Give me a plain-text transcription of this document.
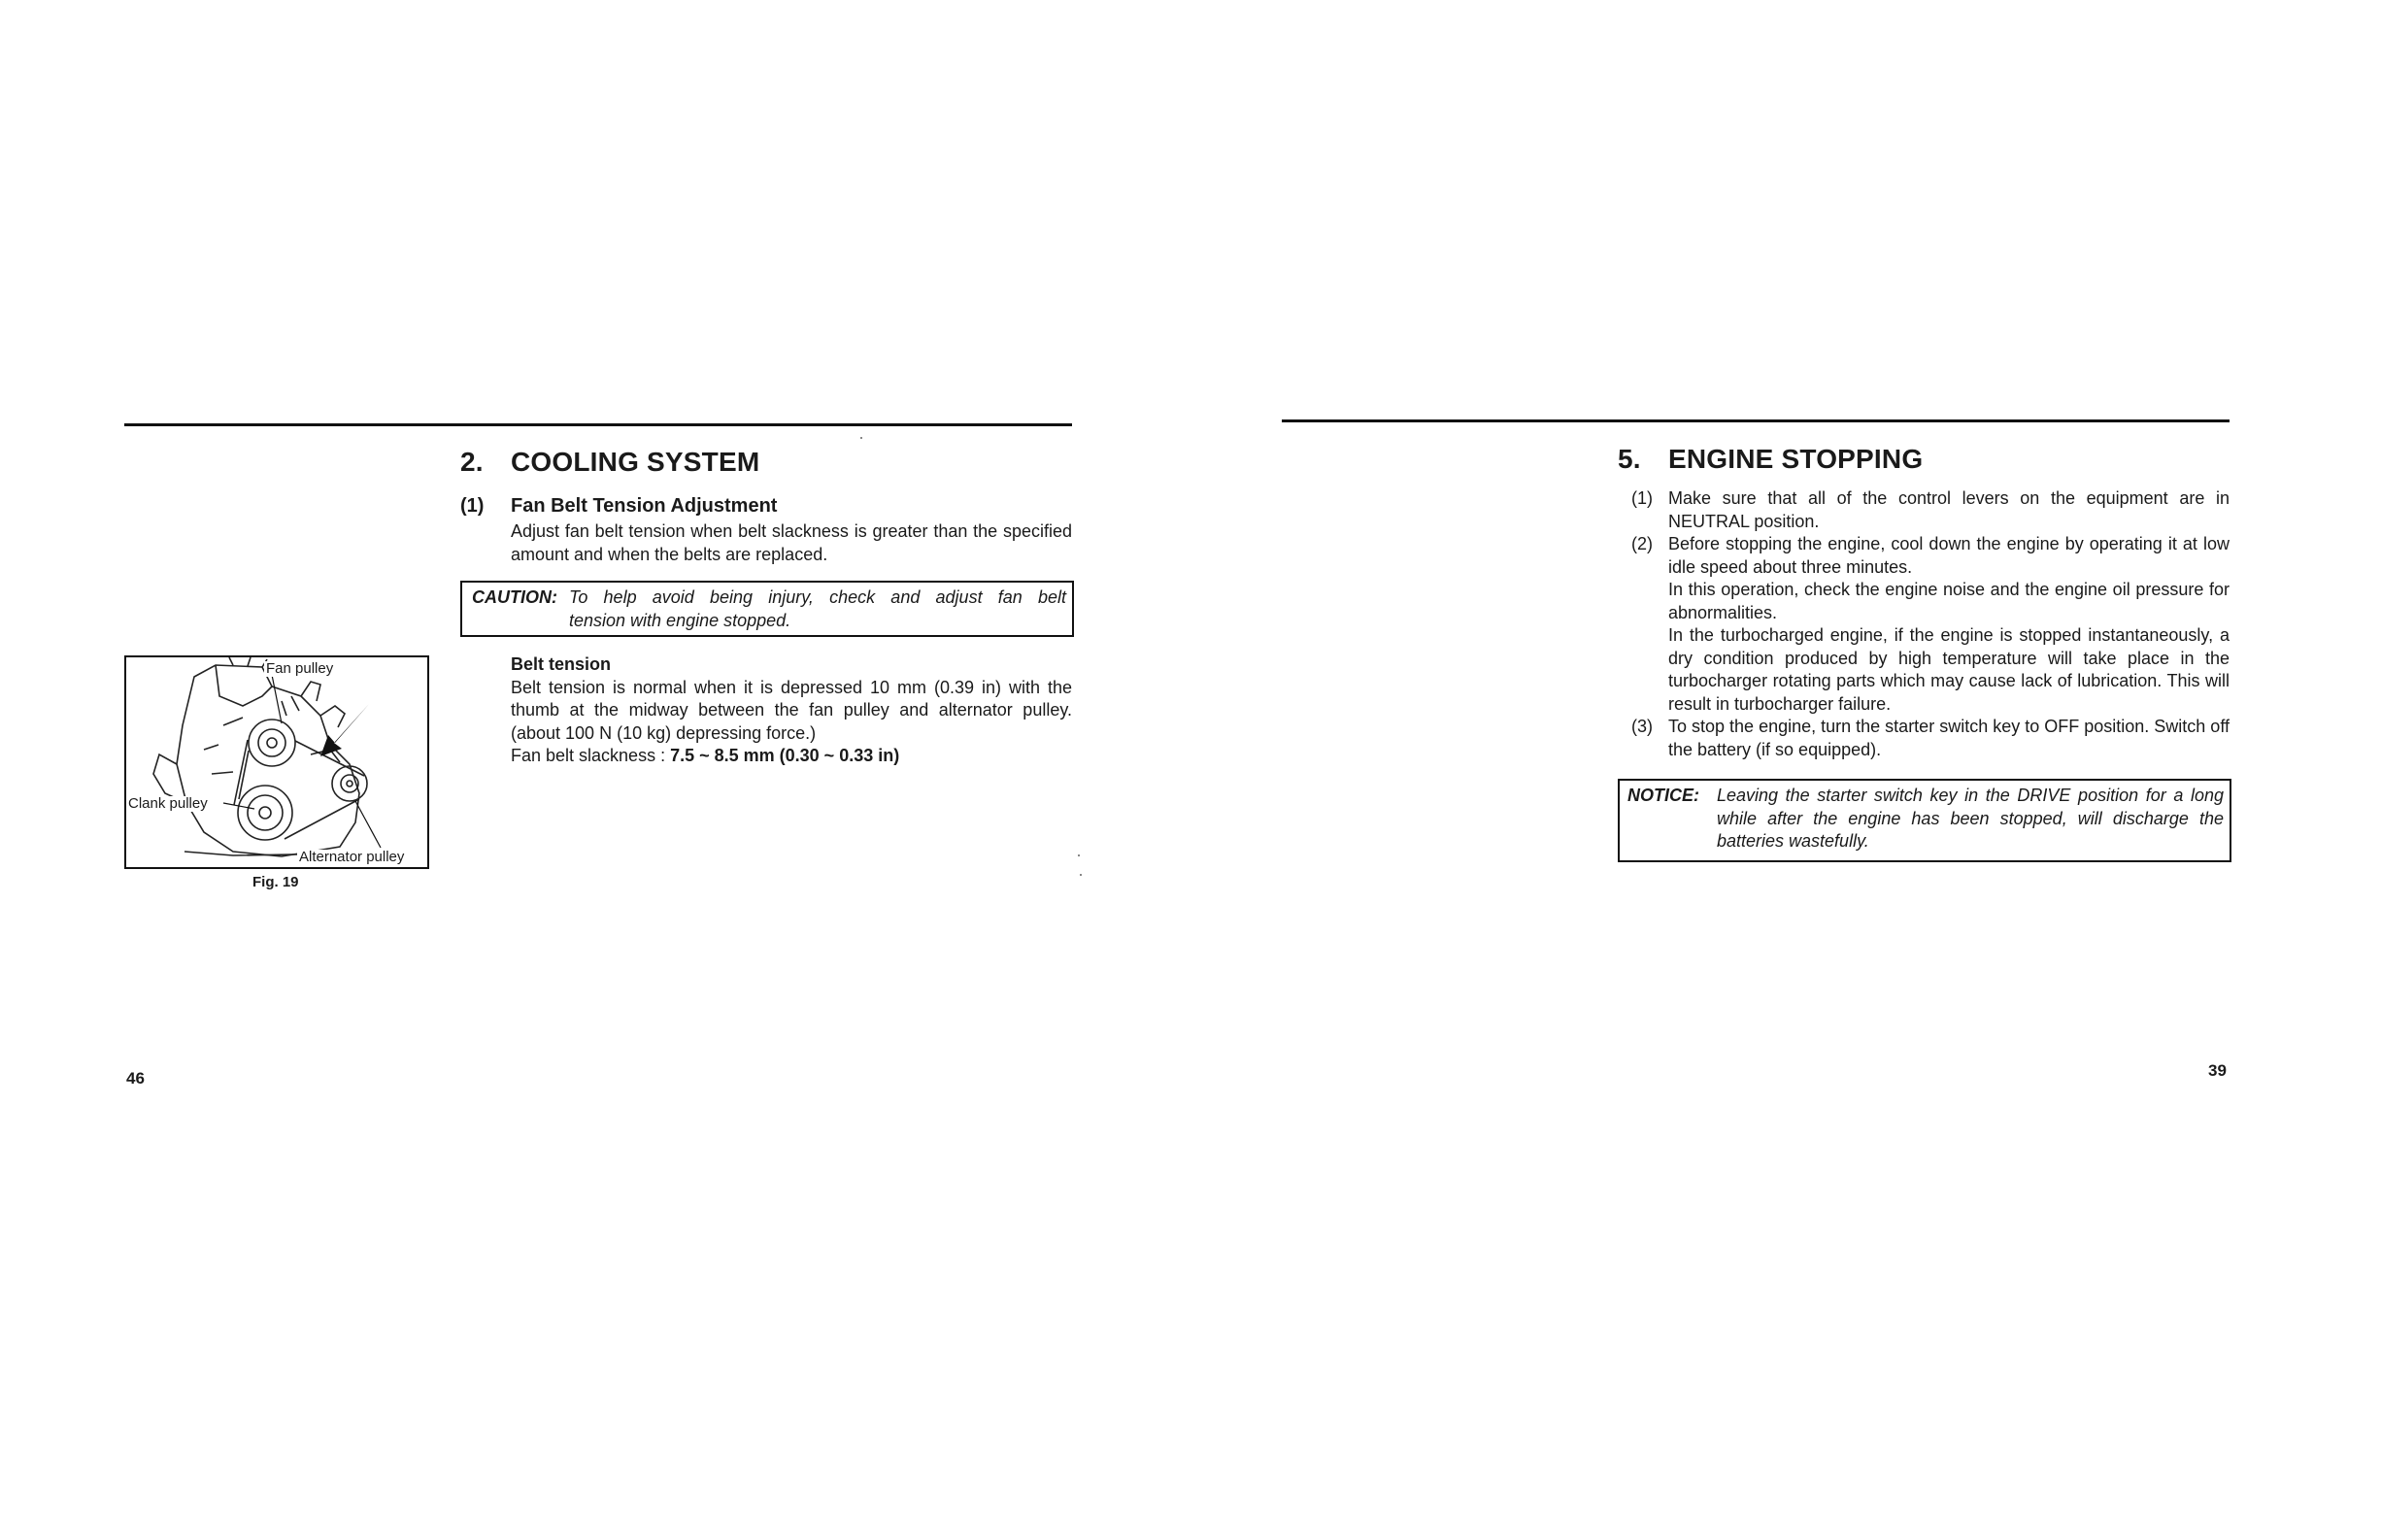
2. COOLING SYSTEM
(1) Fan Belt Tension Adjustment
Adjust fan belt tension when belt slackness is greater than the specified amount and when the belts are replaced.
CAUTION: To help avoid being injury, check and adjust fan belt
tension with engine stopped.
Belt tension
Belt tension is normal when it is depressed 10 mm (0.39 in) with the thumb at the midway between the fan pulley and alternator pulley. (about 100 N (10 kg) depressing force.)
Fan belt slackness : 7.5 ~ 8.5 mm (0.30 ~ 0.33 in)
Fan pulley
Clank pulley
Alternator pulley
Fig. 19
46
5. ENGINE STOPPING
(1) Make sure that all of the control levers on the equipment are in NEUTRAL position.
(2) Before stopping the engine, cool down the engine by operating it at low idle speed about three minutes.
In this operation, check the engine noise and the engine oil pressure for abnormalities.
In the turbocharged engine, if the engine is stopped instantaneously, a dry condition produced by high temperature will take place in the turbocharger rotating parts which may cause lack of lubrication. This will result in turbocharger failure.
(3) To stop the engine, turn the starter switch key to OFF position. Switch off the battery (if so equipped).
NOTICE:	Leaving the starter switch key in the DRIVE position for a long while after the engine has been stopped, will discharge the batteries wastefully.
39
